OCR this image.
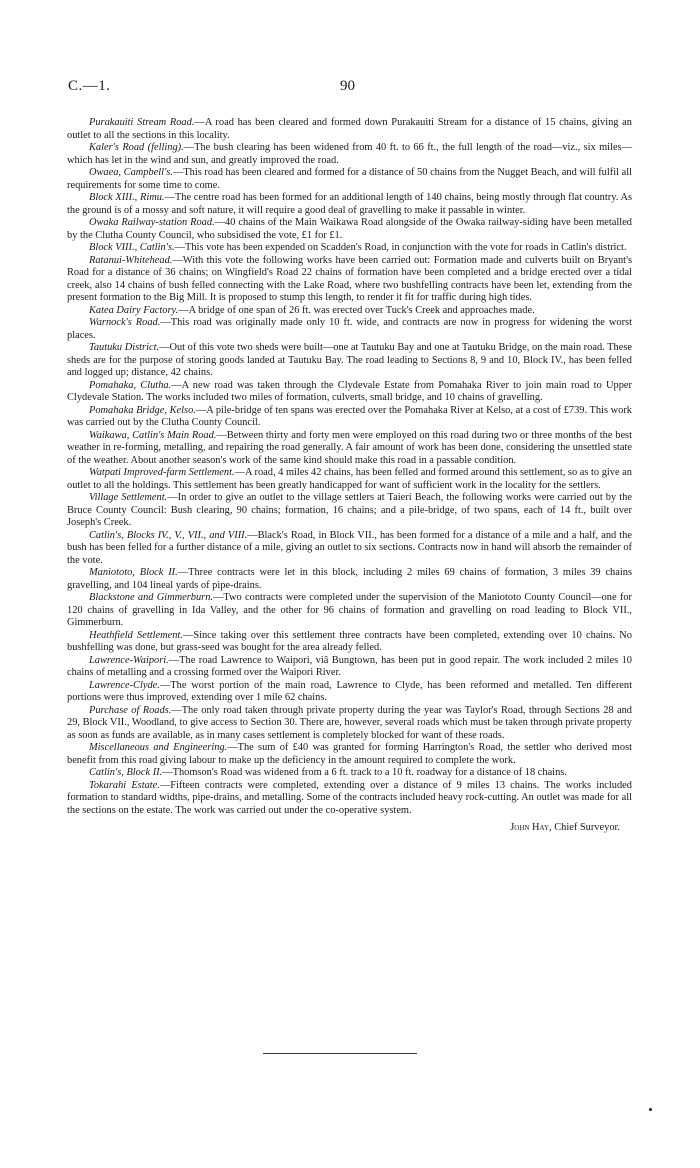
C.—1.	90

Purakauiti Stream Road.—A road has been cleared and formed down Purakauiti Stream for a distance of 15 chains, giving an outlet to all the sections in this locality.

Kaler's Road (felling).—The bush clearing has been widened from 40 ft. to 66 ft., the full length of the road—viz., six miles—which has let in the wind and sun, and greatly improved the road.

Owaea, Campbell's.—This road has been cleared and formed for a distance of 50 chains from the Nugget Beach, and will fulfil all requirements for some time to come.

Block XIII., Rimu.—The centre road has been formed for an additional length of 140 chains, being mostly through flat country. As the ground is of a mossy and soft nature, it will require a good deal of gravelling to make it passable in winter.

Owaka Railway-station Road.—40 chains of the Main Waikawa Road alongside of the Owaka railway-siding have been metalled by the Clutha County Council, who subsidised the vote, £1 for £1.

Block VIII., Catlin's.—This vote has been expended on Scadden's Road, in conjunction with the vote for roads in Catlin's district.

Ratanui-Whitehead.—With this vote the following works have been carried out: Formation made and culverts built on Bryant's Road for a distance of 36 chains; on Wingfield's Road 22 chains of formation have been completed and a bridge erected over a tidal creek, also 14 chains of bush felled connecting with the Lake Road, where two bushfelling contracts have been let, extending from the present formation to the Big Mill. It is proposed to stump this length, to render it fit for traffic during high tides.

Katea Dairy Factory.—A bridge of one span of 26 ft. was erected over Tuck's Creek and approaches made.

Warnock's Road.—This road was originally made only 10 ft. wide, and contracts are now in progress for widening the worst places.

Tautuku District.—Out of this vote two sheds were built—one at Tautuku Bay and one at Tautuku Bridge, on the main road. These sheds are for the purpose of storing goods landed at Tautuku Bay. The road leading to Sections 8, 9 and 10, Block IV., has been felled and logged up; distance, 42 chains.

Pomahaka, Clutha.—A new road was taken through the Clydevale Estate from Pomahaka River to join main road to Upper Clydevale Station. The works included two miles of formation, culverts, small bridge, and 10 chains of gravelling.

Pomahaka Bridge, Kelso.—A pile-bridge of ten spans was erected over the Pomahaka River at Kelso, at a cost of £739. This work was carried out by the Clutha County Council.

Waikawa, Catlin's Main Road.—Between thirty and forty men were employed on this road during two or three months of the best weather in re-forming, metalling, and repairing the road generally. A fair amount of work has been done, considering the unsettled state of the weather. About another season's work of the same kind should make this road in a passable condition.

Watpati Improved-farm Settlement.—A road, 4 miles 42 chains, has been felled and formed around this settlement, so as to give an outlet to all the holdings. This settlement has been greatly handicapped for want of sufficient work in the locality for the settlers.

Village Settlement.—In order to give an outlet to the village settlers at Taieri Beach, the following works were carried out by the Bruce County Council: Bush clearing, 90 chains; formation, 16 chains; and a pile-bridge, of two spans, each of 14 ft., built over Joseph's Creek.

Catlin's, Blocks IV., V., VII., and VIII.—Black's Road, in Block VII., has been formed for a distance of a mile and a half, and the bush has been felled for a further distance of a mile, giving an outlet to six sections. Contracts now in hand will absorb the remainder of the vote.

Maniototo, Block II.—Three contracts were let in this block, including 2 miles 69 chains of formation, 3 miles 39 chains gravelling, and 104 lineal yards of pipe-drains.

Blackstone and Gimmerburn.—Two contracts were completed under the supervision of the Maniototo County Council—one for 120 chains of gravelling in Ida Valley, and the other for 96 chains of formation and gravelling on road leading to Block VII., Gimmerburn.

Heathfield Settlement.—Since taking over this settlement three contracts have been completed, extending over 10 chains. No bushfelling was done, but grass-seed was bought for the area already felled.

Lawrence-Waipori.—The road Lawrence to Waipori, viâ Bungtown, has been put in good repair. The work included 2 miles 10 chains of metalling and a crossing formed over the Waipori River.

Lawrence-Clyde.—The worst portion of the main road, Lawrence to Clyde, has been reformed and metalled. Ten different portions were thus improved, extending over 1 mile 62 chains.

Purchase of Roads.—The only road taken through private property during the year was Taylor's Road, through Sections 28 and 29, Block VII., Woodland, to give access to Section 30. There are, however, several roads which must be taken through private property as soon as funds are available, as in many cases settlement is completely blocked for want of these roads.

Miscellaneous and Engineering.—The sum of £40 was granted for forming Harrington's Road, the settler who derived most benefit from this road giving labour to make up the deficiency in the amount required to complete the work.

Catlin's, Block II.—Thomson's Road was widened from a 6 ft. track to a 10 ft. roadway for a distance of 18 chains.

Tokarahi Estate.—Fifteen contracts were completed, extending over a distance of 9 miles 13 chains. The works included formation to standard widths, pipe-drains, and metalling. Some of the contracts included heavy rock-cutting. An outlet was made for all the sections on the estate. The work was carried out under the co-operative system.

John Hay, Chief Surveyor.
